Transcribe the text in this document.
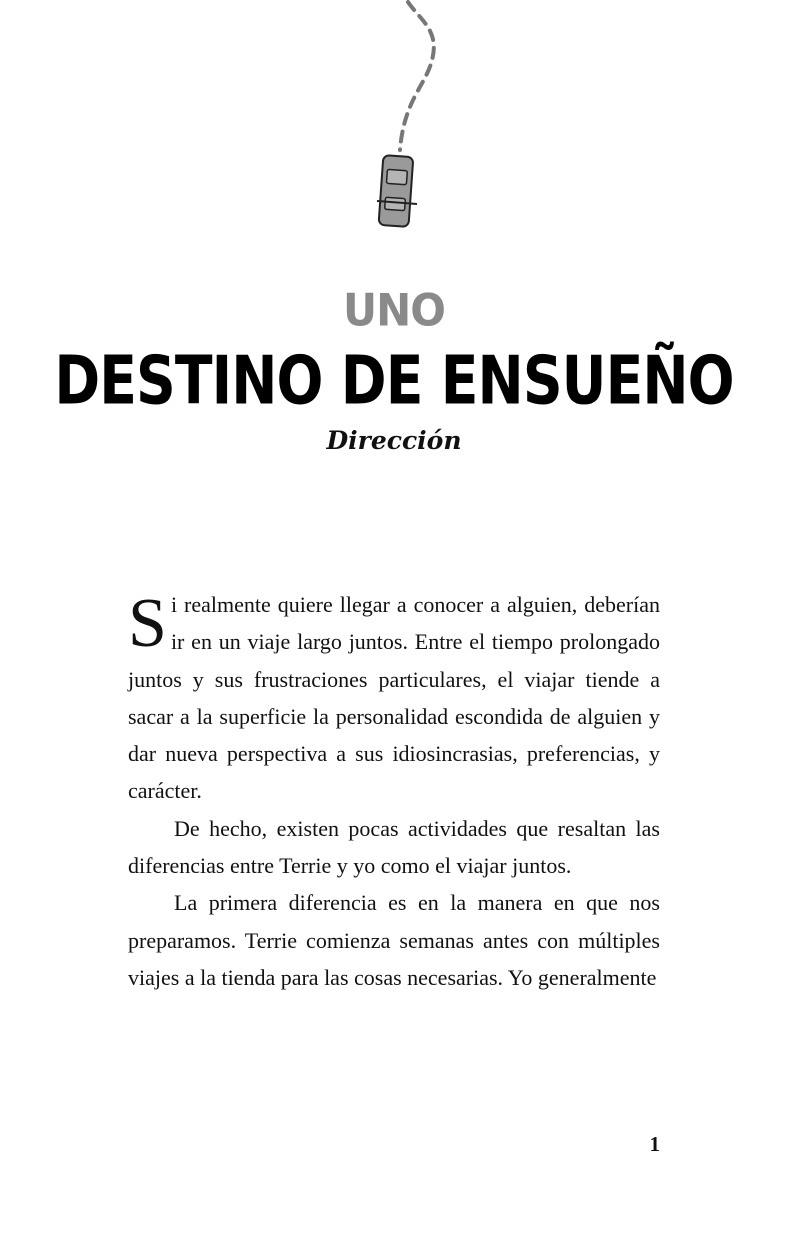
UNO
DESTINO DE ENSUEÑO
Dirección

Si realmente quiere llegar a conocer a alguien, deberían ir en un viaje largo juntos. Entre el tiempo prolongado juntos y sus frustraciones particulares, el viajar tiende a sacar a la superficie la personalidad escondida de alguien y dar nueva perspectiva a sus idiosincrasias, preferencias, y carácter.

De hecho, existen pocas actividades que resaltan las diferencias entre Terrie y yo como el viajar juntos.

La primera diferencia es en la manera en que nos preparamos. Terrie comienza semanas antes con múltiples viajes a la tienda para las cosas necesarias. Yo generalmente

1
